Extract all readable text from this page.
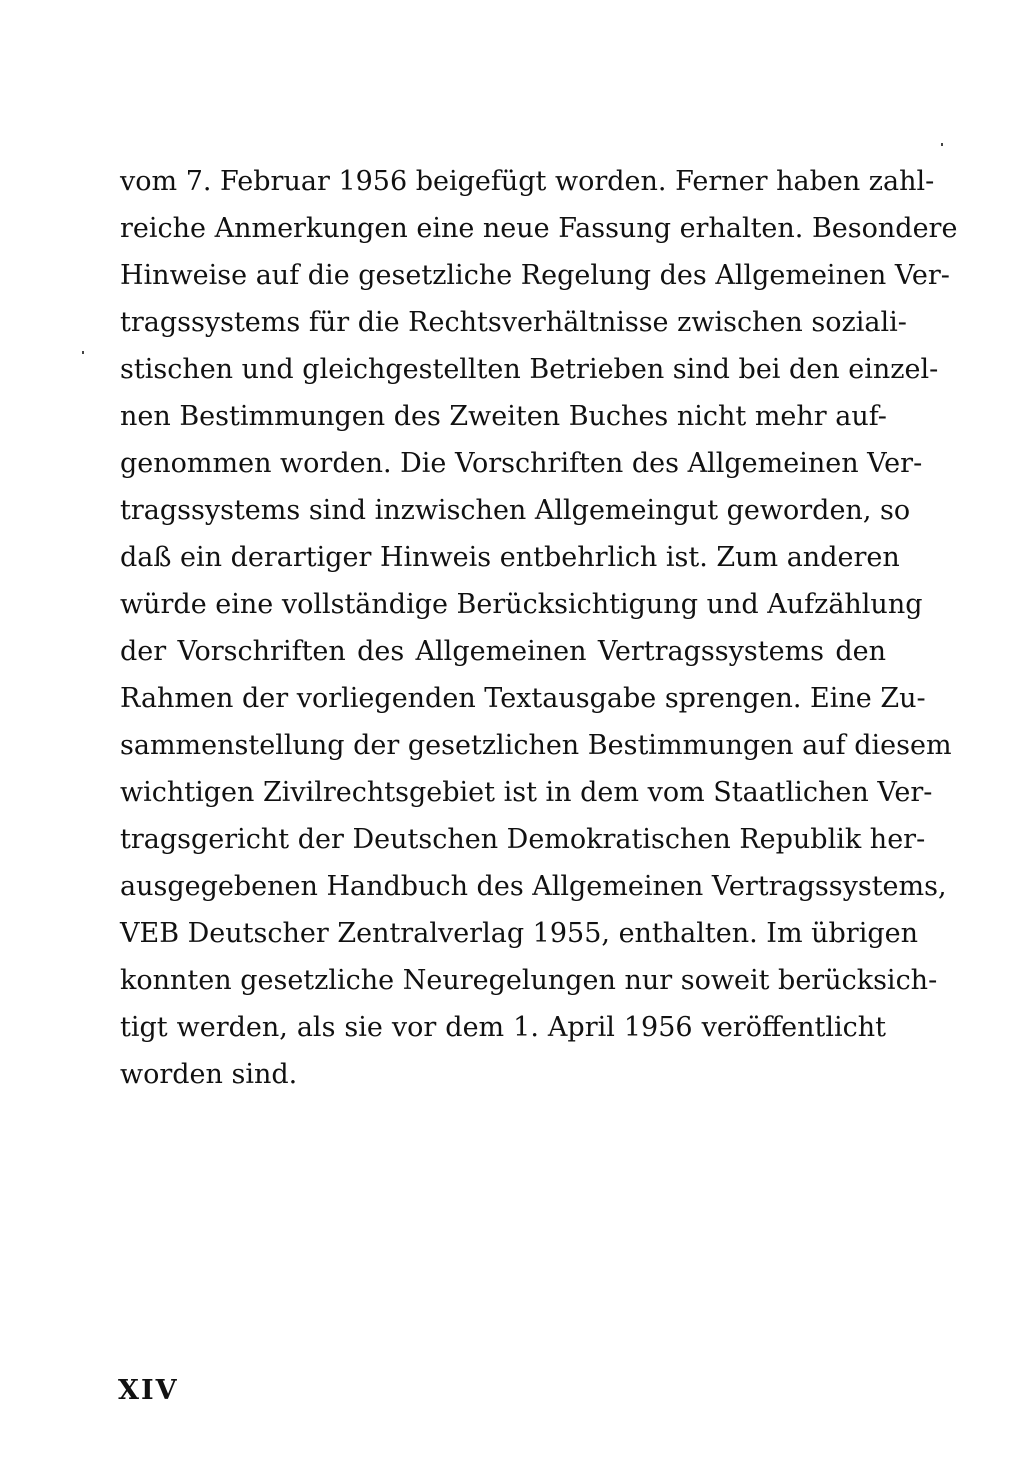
vom 7. Februar 1956 beigefügt worden. Ferner haben zahl-
reiche Anmerkungen eine neue Fassung erhalten. Besondere
Hinweise auf die gesetzliche Regelung des Allgemeinen Ver-
tragssystems für die Rechtsverhältnisse zwischen soziali-
stischen und gleichgestellten Betrieben sind bei den einzel-
nen Bestimmungen des Zweiten Buches nicht mehr auf-
genommen worden. Die Vorschriften des Allgemeinen Ver-
tragssystems sind inzwischen Allgemeingut geworden, so
daß ein derartiger Hinweis entbehrlich ist. Zum anderen
würde eine vollständige Berücksichtigung und Aufzählung
der Vorschriften des Allgemeinen Vertragssystems den
Rahmen der vorliegenden Textausgabe sprengen. Eine Zu-
sammenstellung der gesetzlichen Bestimmungen auf diesem
wichtigen Zivilrechtsgebiet ist in dem vom Staatlichen Ver-
tragsgericht der Deutschen Demokratischen Republik her-
ausgegebenen Handbuch des Allgemeinen Vertragssystems,
VEB Deutscher Zentralverlag 1955, enthalten. Im übrigen
konnten gesetzliche Neuregelungen nur soweit berücksich-
tigt werden, als sie vor dem 1. April 1956 veröffentlicht
worden sind.
XIV
